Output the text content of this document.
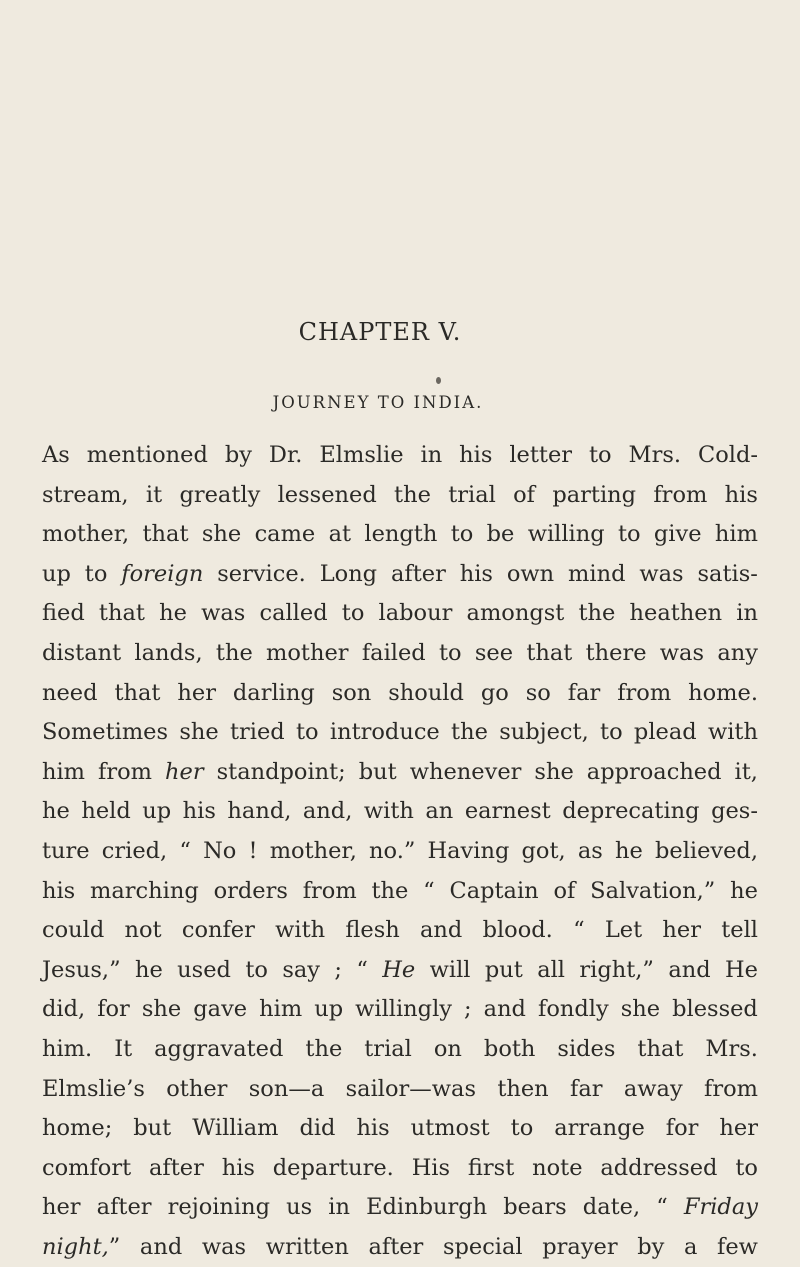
CHAPTER V.
JOURNEY TO INDIA.
As mentioned by Dr. Elmslie in his letter to Mrs. Cold-
stream, it greatly lessened the trial of parting from his
mother, that she came at length to be willing to give him
up to foreign service. Long after his own mind was satis-
fied that he was called to labour amongst the heathen in
distant lands, the mother failed to see that there was any
need that her darling son should go so far from home.
Sometimes she tried to introduce the subject, to plead with
him from her standpoint; but whenever she approached it,
he held up his hand, and, with an earnest deprecating ges-
ture cried, “ No ! mother, no.” Having got, as he believed,
his marching orders from the “ Captain of Salvation,” he
could not confer with flesh and blood. “ Let her tell
Jesus,” he used to say ; “ He will put all right,” and He
did, for she gave him up willingly ; and fondly she blessed
him. It aggravated the trial on both sides that Mrs.
Elmslie’s other son—a sailor—was then far away from
home; but William did his utmost to arrange for her
comfort after his departure. His first note addressed to
her after rejoining us in Edinburgh bears date, “ Friday
night,” and was written after special prayer by a few
